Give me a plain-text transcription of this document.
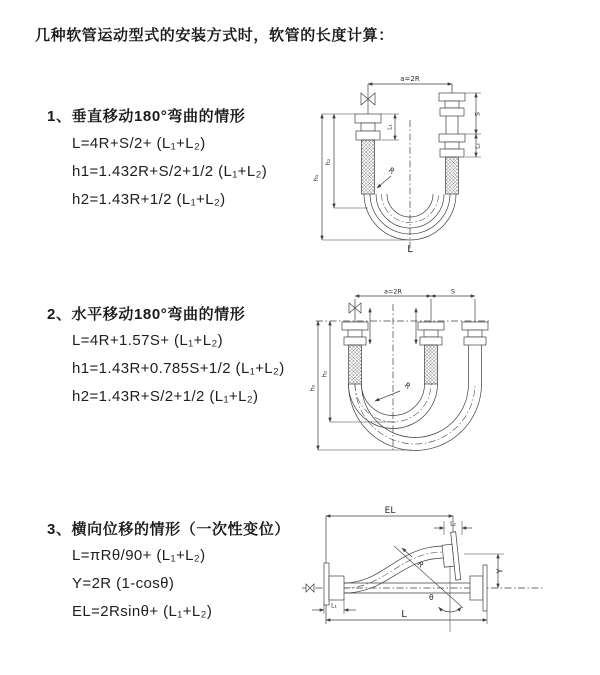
几种软管运动型式的安装方式时，软管的长度计算：
1、垂直移动180°弯曲的情形
L=4R+S/2+ (L₁+L₂)
h1=1.432R+S/2+1/2 (L₁+L₂)
h2=1.43R+1/2 (L₁+L₂)
2、水平移动180°弯曲的情形
L=4R+1.57S+ (L₁+L₂)
h1=1.43R+0.785S+1/2 (L₁+L₂)
h2=1.43R+S/2+1/2 (L₁+L₂)
3、横向位移的情形（一次性变位）
L=πRθ/90+ (L₁+L₂)
Y=2R (1-cosθ)
EL=2Rsinθ+ (L₁+L₂)
a=2R
S
L₂
L₁
h₁
h₂
R
L
a=2R	S
h₁
h₂
R
EL
L₂
θ
R
Y
L₁
L
